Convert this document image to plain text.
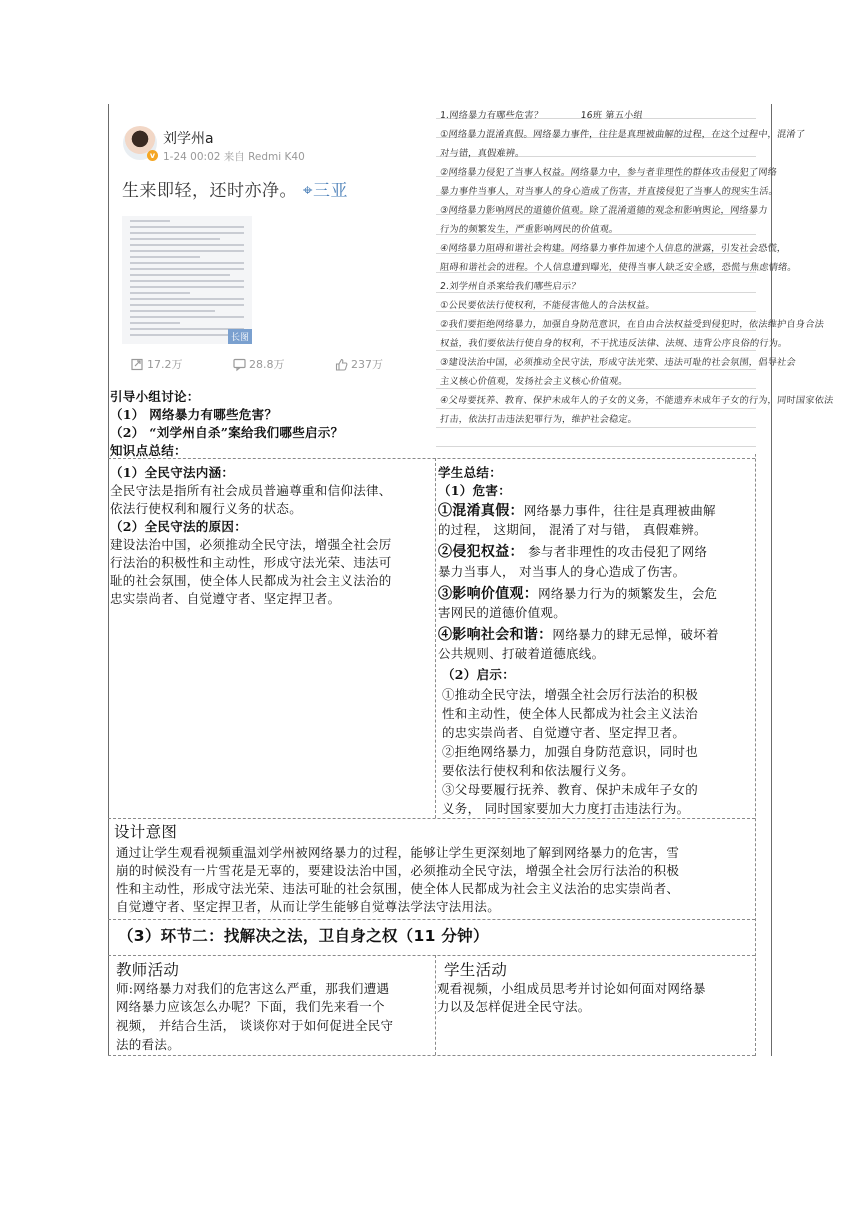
v
刘学州a
1-24 00:02 来自 Redmi K40
生来即轻，还时亦净。 ⌖三亚
长图
17.2万	28.8万	237万
1.网络暴力有哪些危害？　　　　16班 第五小组
①网络暴力混淆真假。网络暴力事件，往往是真理被曲解的过程，在这个过程中，混淆了
对与错，真假难辨。
②网络暴力侵犯了当事人权益。网络暴力中，参与者非理性的群体攻击侵犯了网络
暴力事件当事人，对当事人的身心造成了伤害，并直接侵犯了当事人的现实生活。
③网络暴力影响网民的道德价值观。除了混淆道德的观念和影响舆论，网络暴力
行为的频繁发生，严重影响网民的价值观。
④网络暴力阻碍和谐社会构建。网络暴力事件加速个人信息的泄露，引发社会恐慌，
阻碍和谐社会的进程。个人信息遭到曝光，使得当事人缺乏安全感，恐慌与焦虑情绪。
2.刘学州自杀案给我们哪些启示？
①公民要依法行使权利，不能侵害他人的合法权益。
②我们要拒绝网络暴力，加强自身防范意识，在自由合法权益受到侵犯时，依法维护自身合法
权益，我们要依法行使自身的权利，不干扰违反法律、法规、违背公序良俗的行为。
③建设法治中国，必须推动全民守法，形成守法光荣、违法可耻的社会氛围，倡导社会
主义核心价值观，发扬社会主义核心价值观。
④父母要抚养、教育、保护未成年人的子女的义务，不能遗弃未成年子女的行为，同时国家依法
打击，依法打击违法犯罪行为，维护社会稳定。
引导小组讨论：
（1） 网络暴力有哪些危害？
（2） “刘学州自杀”案给我们哪些启示？
知识点总结：
（1）全民守法内涵：
全民守法是指所有社会成员普遍尊重和信仰法律、
依法行使权利和履行义务的状态。
（2）全民守法的原因：
建设法治中国，必须推动全民守法，增强全社会厉
行法治的积极性和主动性，形成守法光荣、违法可
耻的社会氛围，使全体人民都成为社会主义法治的
忠实崇尚者、自觉遵守者、坚定捍卫者。
学生总结：
（1）危害：
①混淆真假：网络暴力事件，往往是真理被曲解
的过程， 这期间， 混淆了对与错， 真假难辨。
②侵犯权益： 参与者非理性的攻击侵犯了网络
暴力当事人， 对当事人的身心造成了伤害。
③影响价值观：网络暴力行为的频繁发生，会危
害网民的道德价值观。
④影响社会和谐：网络暴力的肆无忌惮，破坏着
公共规则、打破着道德底线。
（2）启示：
①推动全民守法，增强全社会厉行法治的积极
性和主动性，使全体人民都成为社会主义法治
的忠实崇尚者、自觉遵守者、坚定捍卫者。
②拒绝网络暴力，加强自身防范意识，同时也
要依法行使权利和依法履行义务。
③父母要履行抚养、教育、保护未成年子女的
义务， 同时国家要加大力度打击违法行为。
设计意图
通过让学生观看视频重温刘学州被网络暴力的过程，能够让学生更深刻地了解到网络暴力的危害，雪
崩的时候没有一片雪花是无辜的，要建设法治中国，必须推动全民守法，增强全社会厉行法治的积极
性和主动性，形成守法光荣、违法可耻的社会氛围，使全体人民都成为社会主义法治的忠实崇尚者、
自觉遵守者、坚定捍卫者，从而让学生能够自觉尊法学法守法用法。
（3）环节二：找解决之法，卫自身之权（11 分钟）
教师活动
师:网络暴力对我们的危害这么严重，那我们遭遇
网络暴力应该怎么办呢？下面，我们先来看一个
视频， 并结合生活， 谈谈你对于如何促进全民守
法的看法。
学生活动
观看视频，小组成员思考并讨论如何面对网络暴
力以及怎样促进全民守法。
